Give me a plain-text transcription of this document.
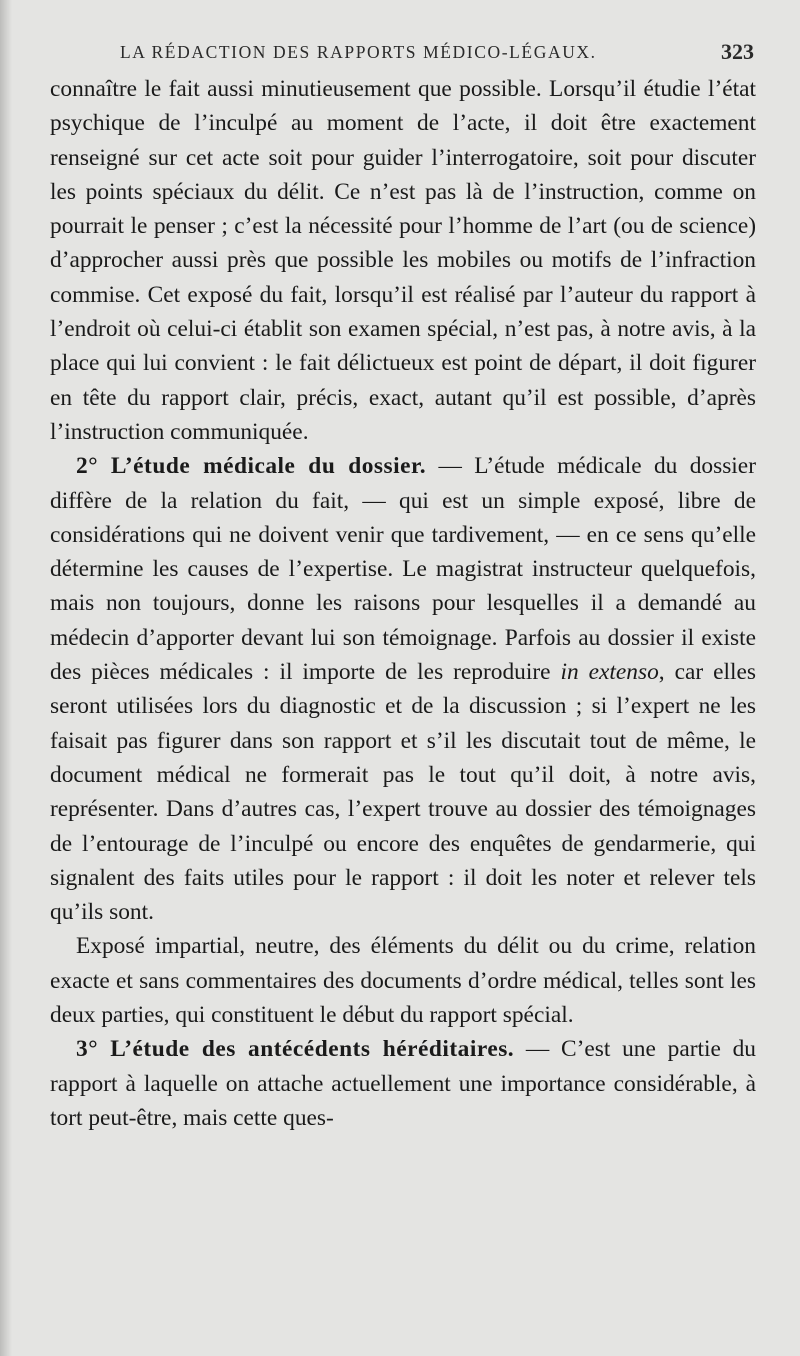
LA RÉDACTION DES RAPPORTS MÉDICO-LÉGAUX.	323

connaître le fait aussi minutieusement que possible. Lorsqu’il étudie l’état psychique de l’inculpé au moment de l’acte, il doit être exactement renseigné sur cet acte soit pour guider l’interrogatoire, soit pour discuter les points spéciaux du délit. Ce n’est pas là de l’instruction, comme on pourrait le penser ; c’est la nécessité pour l’homme de l’art (ou de science) d’approcher aussi près que possible les mobiles ou motifs de l’infraction commise. Cet exposé du fait, lorsqu’il est réalisé par l’auteur du rapport à l’endroit où celui-ci établit son examen spécial, n’est pas, à notre avis, à la place qui lui convient : le fait délictueux est point de départ, il doit figurer en tête du rapport clair, précis, exact, autant qu’il est possible, d’après l’instruction communiquée.

2° L’étude médicale du dossier. — L’étude médicale du dossier diffère de la relation du fait, — qui est un simple exposé, libre de considérations qui ne doivent venir que tardivement, — en ce sens qu’elle détermine les causes de l’expertise. Le magistrat instructeur quelquefois, mais non toujours, donne les raisons pour lesquelles il a demandé au médecin d’apporter devant lui son témoignage. Parfois au dossier il existe des pièces médicales : il importe de les reproduire in extenso, car elles seront utilisées lors du diagnostic et de la discussion ; si l’expert ne les faisait pas figurer dans son rapport et s’il les discutait tout de même, le document médical ne formerait pas le tout qu’il doit, à notre avis, représenter. Dans d’autres cas, l’expert trouve au dossier des témoignages de l’entourage de l’inculpé ou encore des enquêtes de gendarmerie, qui signalent des faits utiles pour le rapport : il doit les noter et relever tels qu’ils sont.

Exposé impartial, neutre, des éléments du délit ou du crime, relation exacte et sans commentaires des documents d’ordre médical, telles sont les deux parties, qui constituent le début du rapport spécial.

3° L’étude des antécédents héréditaires. — C’est une partie du rapport à laquelle on attache actuellement une importance considérable, à tort peut-être, mais cette ques-
